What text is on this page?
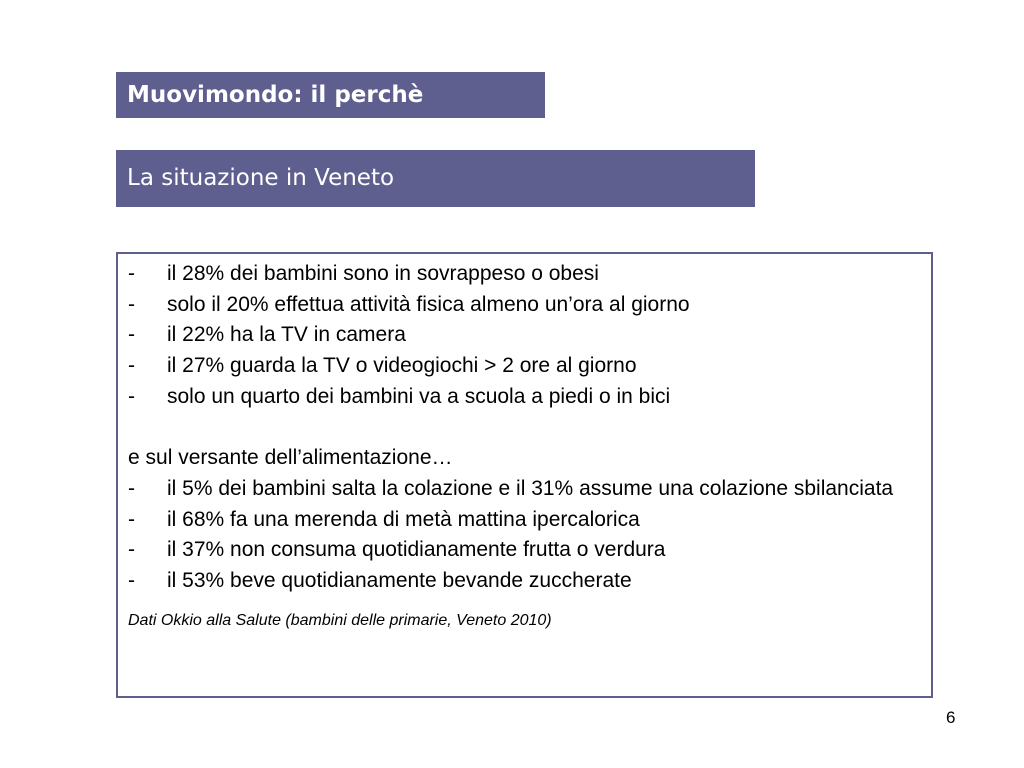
Muovimondo: il perchè
La situazione in Veneto
- il 28% dei bambini sono in sovrappeso o obesi
- solo il 20% effettua attività fisica almeno un’ora al giorno
- il 22% ha la TV in camera
- il 27% guarda la TV o videogiochi > 2 ore al giorno
- solo un quarto dei bambini va a scuola a piedi o in bici

e sul versante dell’alimentazione…

- il 5% dei bambini salta la colazione e il 31% assume una colazione sbilanciata
- il 68% fa una merenda di metà mattina ipercalorica
- il 37% non consuma quotidianamente frutta o verdura
- il 53% beve quotidianamente bevande zuccherate
Dati Okkio alla Salute (bambini delle primarie, Veneto 2010)
6
